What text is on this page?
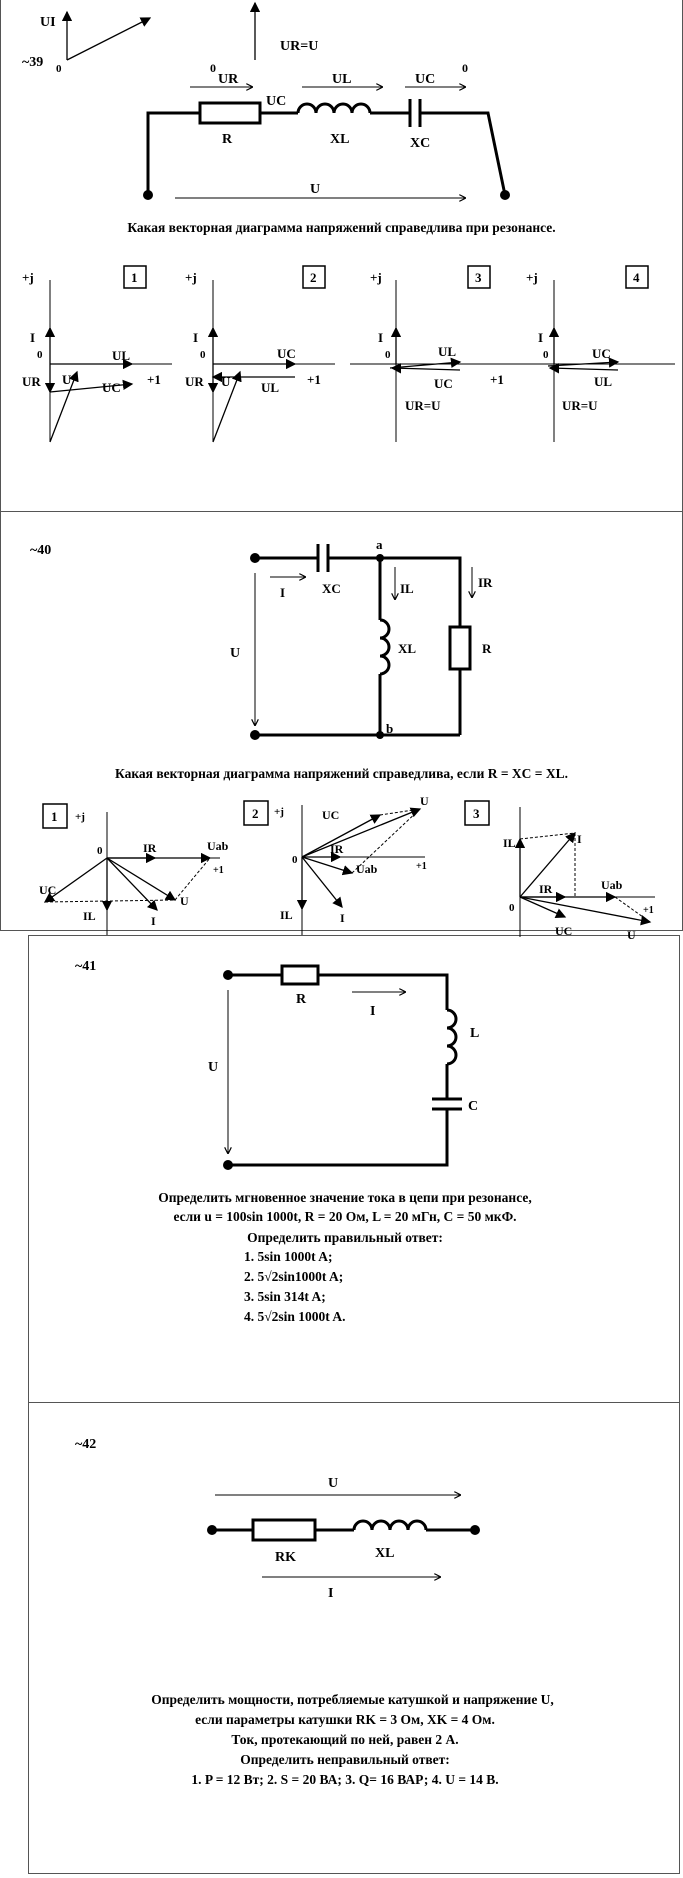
~39
UI
0	0
UR=U
0
UR	UL	UC
UC
R	XL	XC
U
Какая векторная диаграмма напряжений справедлива при резонансе.
1
+j
0
I
UL
UR U
UC
+1
2
+j
0
I
UC
UR U UL
+1
3
+j
0
I
UL
UC
UR=U
+1
4
+j
0
I
UC
UL
UR=U
~40	a
b
I	XC	IL	IR
U	XL	R
Какая векторная диаграмма напряжений справедлива, если R = XC = XL.
1 +j
0	IR	Uab
UC
U
IL	I
+1
2 +j
0
UC
U
IR
Uab
IL	I
+1
3
0
IL	I
IR	Uab
UC	U
+1
~41
R
I
U
L
C
Определить мгновенное значение тока в цепи при резонансе,
если u = 100sin 1000t, R = 20 Ом, L = 20 мГн, C = 50 мкФ.
Определить правильный ответ:
1. 5sin 1000t A;
2. 5√2sin1000t A;
3. 5sin 314t A;
4. 5√2sin 1000t A.
~42
U
RK	XL
I
Определить мощности, потребляемые катушкой и напряжение U,
если параметры катушки RK = 3 Ом, XK = 4 Ом.
Ток, протекающий по ней, равен 2 А.
Определить неправильный ответ:
1. P = 12 Вт; 2. S = 20 ВА; 3. Q= 16 ВАР; 4. U = 14 В.
